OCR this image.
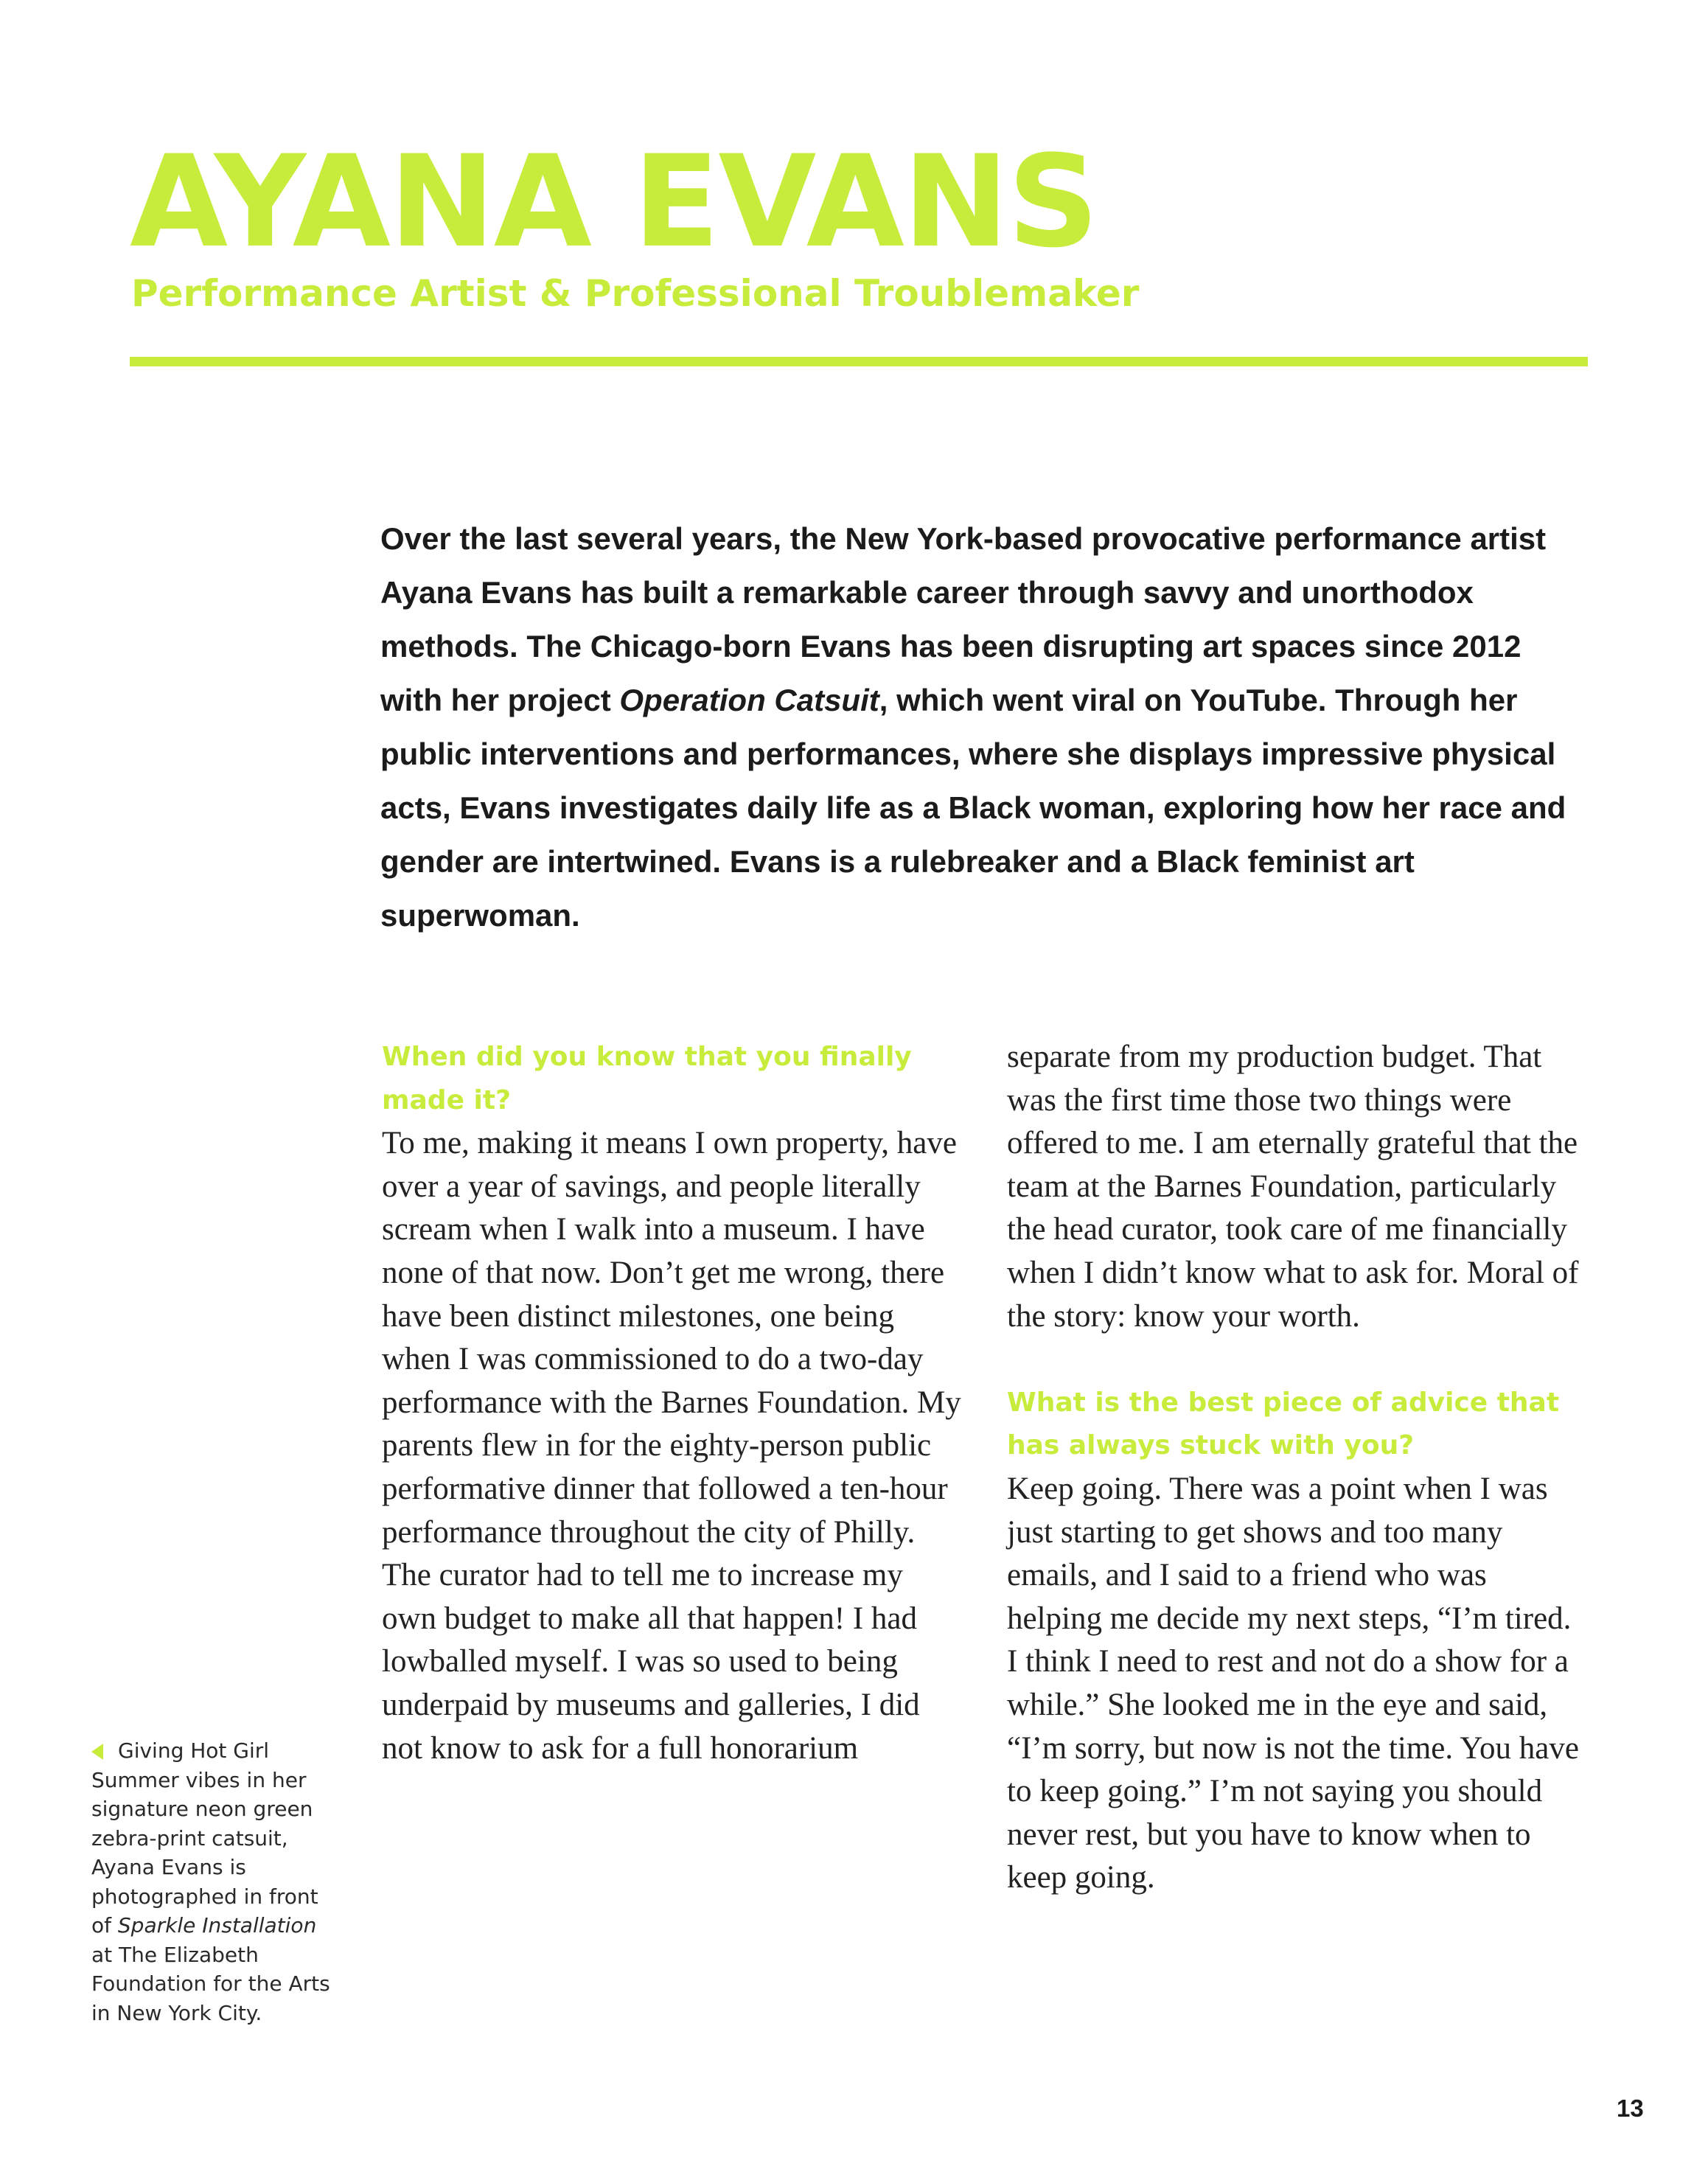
AYANA EVANS
Performance Artist & Professional Troublemaker

Over the last several years, the New York-based provocative performance artist Ayana Evans has built a remarkable career through savvy and unorthodox methods. The Chicago-born Evans has been disrupting art spaces since 2012 with her project Operation Catsuit, which went viral on YouTube. Through her public interventions and performances, where she displays impressive physical acts, Evans investigates daily life as a Black woman, exploring how her race and gender are intertwined. Evans is a rulebreaker and a Black feminist art superwoman.

When did you know that you finally made it?

To me, making it means I own property, have over a year of savings, and people literally scream when I walk into a museum. I have none of that now. Don’t get me wrong, there have been distinct milestones, one being when I was commissioned to do a two-day performance with the Barnes Foundation. My parents flew in for the eighty-person public performative dinner that followed a ten-hour performance throughout the city of Philly. The curator had to tell me to increase my own budget to make all that happen! I had lowballed myself. I was so used to being underpaid by museums and galleries, I did not know to ask for a full honorarium

separate from my production budget. That was the first time those two things were offered to me. I am eternally grateful that the team at the Barnes Foundation, particularly the head curator, took care of me financially when I didn’t know what to ask for. Moral of the story: know your worth.

What is the best piece of advice that has always stuck with you?

Keep going. There was a point when I was just starting to get shows and too many emails, and I said to a friend who was helping me decide my next steps, “I’m tired. I think I need to rest and not do a show for a while.” She looked me in the eye and said, “I’m sorry, but now is not the time. You have to keep going.” I’m not saying you should never rest, but you have to know when to keep going.

Giving Hot Girl Summer vibes in her signature neon green zebra-print catsuit, Ayana Evans is photographed in front of Sparkle Installation at The Elizabeth Foundation for the Arts in New York City.

13
